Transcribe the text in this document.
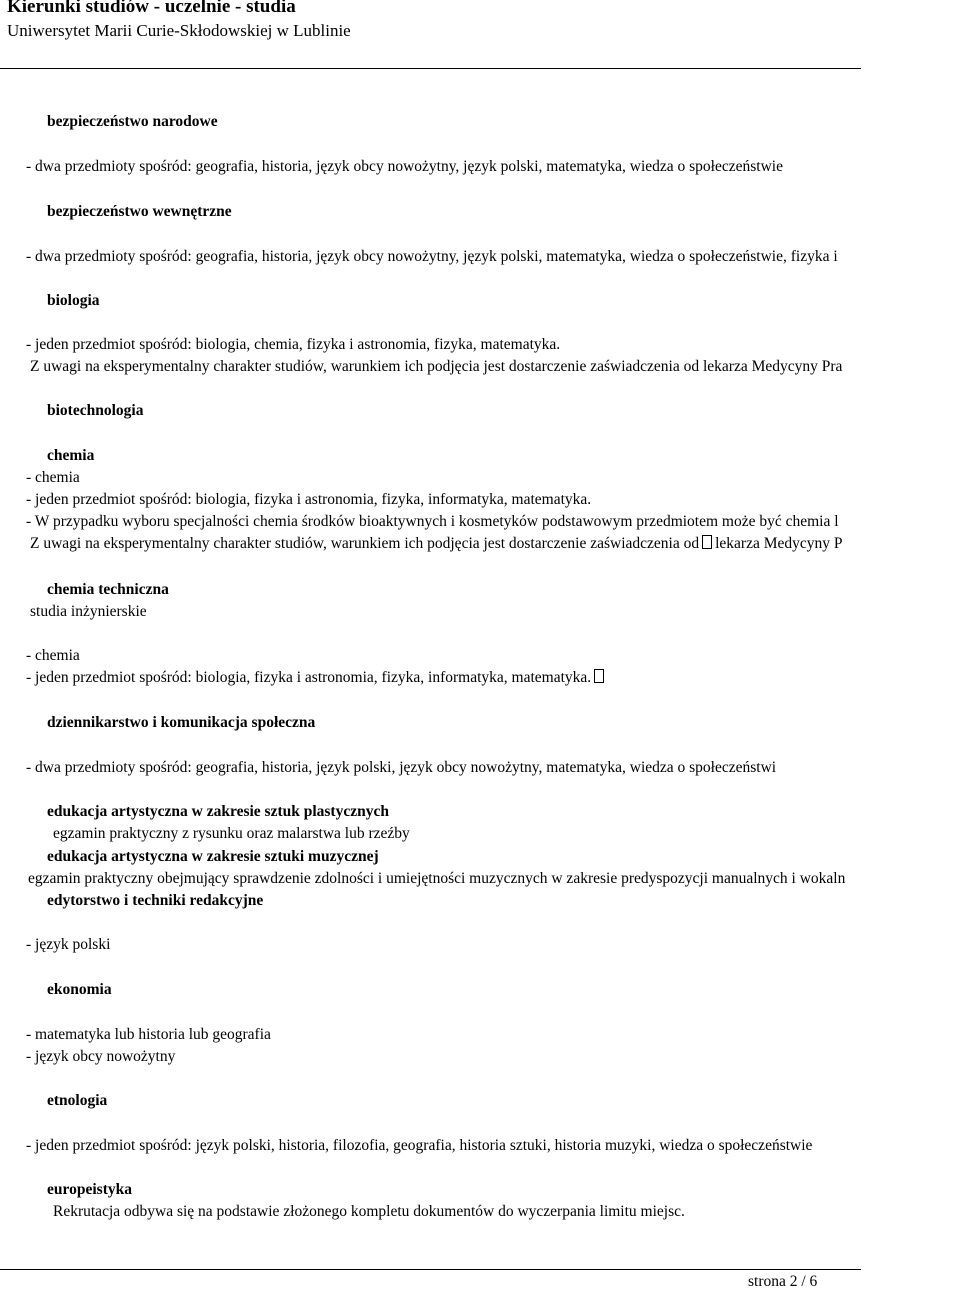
Kierunki studiów - uczelnie - studia
Uniwersytet Marii Curie-Skłodowskiej w Lublinie
bezpieczeństwo narodowe
- dwa przedmioty spośród: geografia, historia, język obcy nowożytny, język polski, matematyka, wiedza o społeczeństwie
bezpieczeństwo wewnętrzne
- dwa przedmioty spośród: geografia, historia, język obcy nowożytny, język polski, matematyka, wiedza o społeczeństwie, fizyka i
biologia
- jeden przedmiot spośród: biologia, chemia, fizyka i astronomia, fizyka, matematyka.
Z uwagi na eksperymentalny charakter studiów, warunkiem ich podjęcia jest dostarczenie zaświadczenia od lekarza Medycyny Pra
biotechnologia
chemia
- chemia
- jeden przedmiot spośród: biologia, fizyka i astronomia, fizyka, informatyka, matematyka.
- W przypadku wyboru specjalności chemia środków bioaktywnych i kosmetyków podstawowym przedmiotem może być chemia l
Z uwagi na eksperymentalny charakter studiów, warunkiem ich podjęcia jest dostarczenie zaświadczenia od lekarza Medycyny P
chemia techniczna
studia inżynierskie
- chemia
- jeden przedmiot spośród: biologia, fizyka i astronomia, fizyka, informatyka, matematyka.
dziennikarstwo i komunikacja społeczna
- dwa przedmioty spośród: geografia, historia, język polski, język obcy nowożytny, matematyka, wiedza o społeczeństwi
edukacja artystyczna w zakresie sztuk plastycznych
egzamin praktyczny z rysunku oraz malarstwa lub rzeźby
edukacja artystyczna w zakresie sztuki muzycznej
egzamin praktyczny obejmujący sprawdzenie zdolności i umiejętności muzycznych w zakresie predyspozycji manualnych i wokaln
edytorstwo i techniki redakcyjne
- język polski
ekonomia
- matematyka lub historia lub geografia
- język obcy nowożytny
etnologia
- jeden przedmiot spośród: język polski, historia, filozofia, geografia, historia sztuki, historia muzyki, wiedza o społeczeństwie
europeistyka
Rekrutacja odbywa się na podstawie złożonego kompletu dokumentów do wyczerpania limitu miejsc.
strona 2 / 6
